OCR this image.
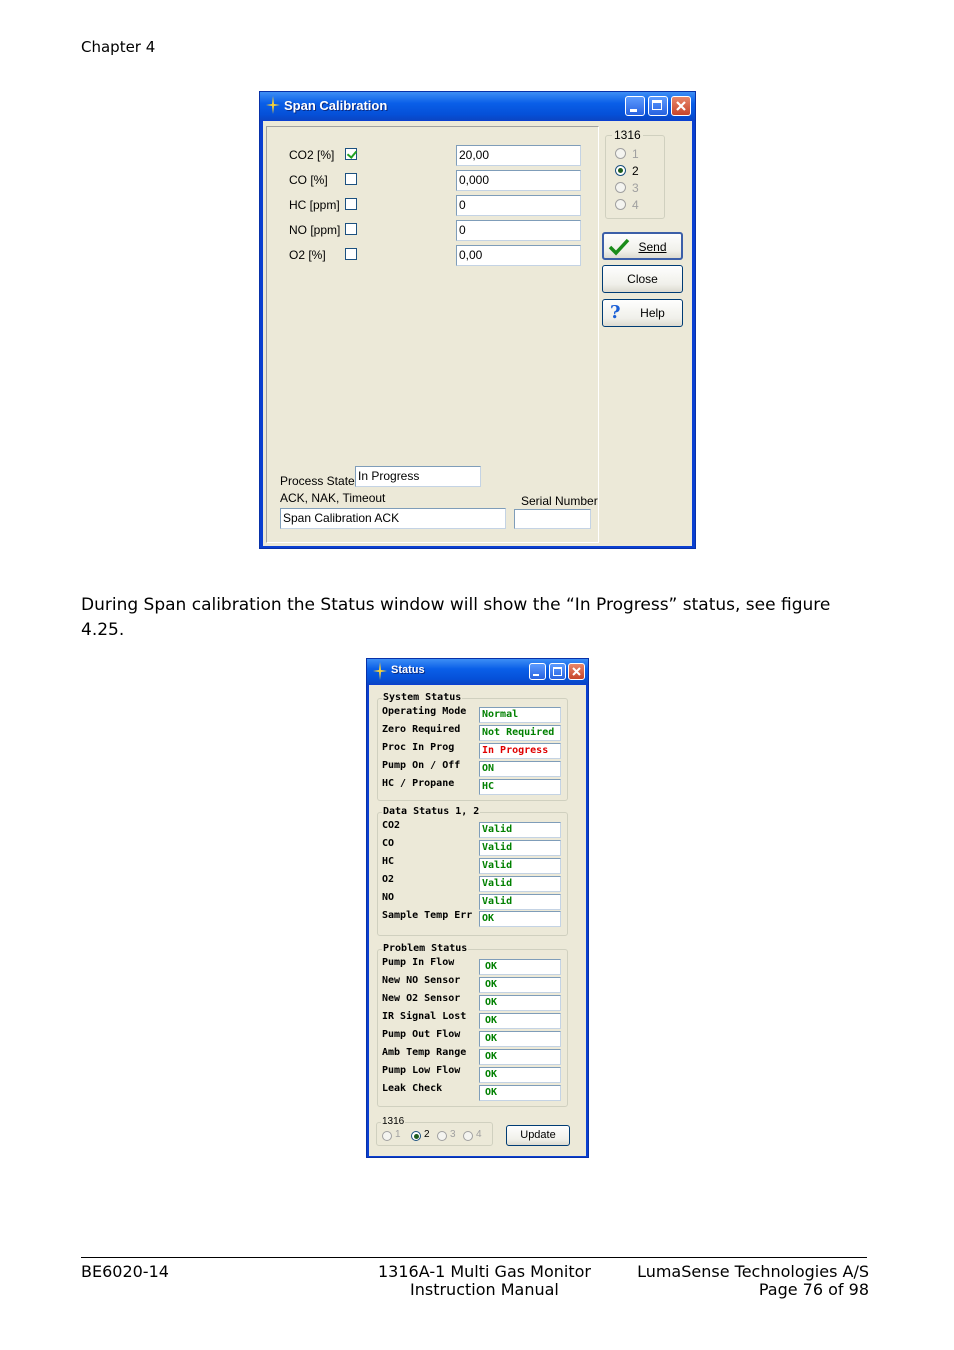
Chapter 4
Span Calibration
CO2 [%]	20,00
CO [%]	0,000
HC [ppm]	0
NO [ppm]	0
O2 [%]	0,00
Process State In Progress
ACK, NAK, Timeout
Span Calibration ACK
Serial Number
1316
1
2
3
4
Send
Close
? Help
During Span calibration the Status window will show the “In Progress” status, see figure 4.25.
Status
System Status
Operating Mode	Normal
Zero Required	Not Required
Proc In Prog	In Progress
Pump On / Off	ON
HC / Propane	HC
Data Status 1, 2
CO2	Valid
CO	Valid
HC	Valid
O2	Valid
NO	Valid
Sample Temp Err OK
Problem Status
Pump In Flow	OK
New NO Sensor	OK
New O2 Sensor	OK
IR Signal Lost	OK
Pump Out Flow	OK
Amb Temp Range	OK
Pump Low Flow	OK
Leak Check	OK
1316
1 2 3 4	Update
BE6020-14	1316A-1 Multi Gas Monitor
Instruction Manual
LumaSense Technologies A/S
Page 76 of 98
